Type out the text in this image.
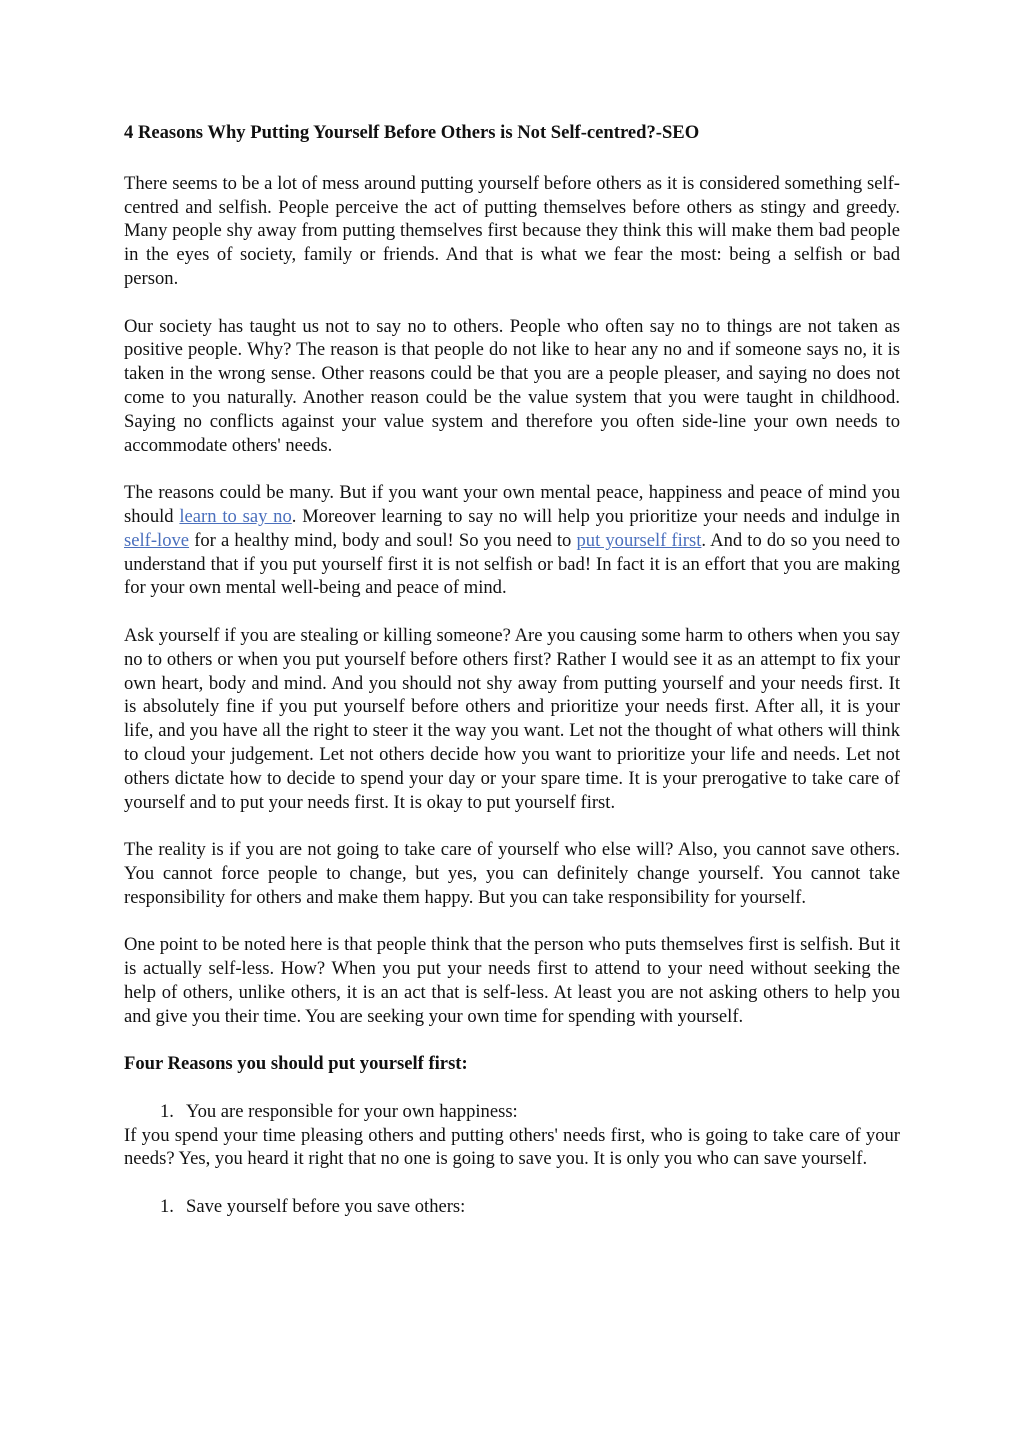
4 Reasons Why Putting Yourself Before Others is Not Self-centred?-SEO

There seems to be a lot of mess around putting yourself before others as it is considered something self-centred and selfish. People perceive the act of putting themselves before others as stingy and greedy. Many people shy away from putting themselves first because they think this will make them bad people in the eyes of society, family or friends. And that is what we fear the most: being a selfish or bad person.

Our society has taught us not to say no to others. People who often say no to things are not taken as positive people. Why? The reason is that people do not like to hear any no and if someone says no, it is taken in the wrong sense. Other reasons could be that you are a people pleaser, and saying no does not come to you naturally. Another reason could be the value system that you were taught in childhood. Saying no conflicts against your value system and therefore you often side-line your own needs to accommodate others' needs.

The reasons could be many. But if you want your own mental peace, happiness and peace of mind you should learn to say no. Moreover learning to say no will help you prioritize your needs and indulge in self-love for a healthy mind, body and soul! So you need to put yourself first. And to do so you need to understand that if you put yourself first it is not selfish or bad! In fact it is an effort that you are making for your own mental well-being and peace of mind.

Ask yourself if you are stealing or killing someone? Are you causing some harm to others when you say no to others or when you put yourself before others first? Rather I would see it as an attempt to fix your own heart, body and mind. And you should not shy away from putting yourself and your needs first. It is absolutely fine if you put yourself before others and prioritize your needs first. After all, it is your life, and you have all the right to steer it the way you want. Let not the thought of what others will think to cloud your judgement. Let not others decide how you want to prioritize your life and needs. Let not others dictate how to decide to spend your day or your spare time. It is your prerogative to take care of yourself and to put your needs first. It is okay to put yourself first.

The reality is if you are not going to take care of yourself who else will? Also, you cannot save others. You cannot force people to change, but yes, you can definitely change yourself. You cannot take responsibility for others and make them happy. But you can take responsibility for yourself.

One point to be noted here is that people think that the person who puts themselves first is selfish. But it is actually self-less. How? When you put your needs first to attend to your need without seeking the help of others, unlike others, it is an act that is self-less. At least you are not asking others to help you and give you their time. You are seeking your own time for spending with yourself.

Four Reasons you should put yourself first:
1. You are responsible for your own happiness:

If you spend your time pleasing others and putting others' needs first, who is going to take care of your needs? Yes, you heard it right that no one is going to save you. It is only you who can save yourself.

1. Save yourself before you save others:
